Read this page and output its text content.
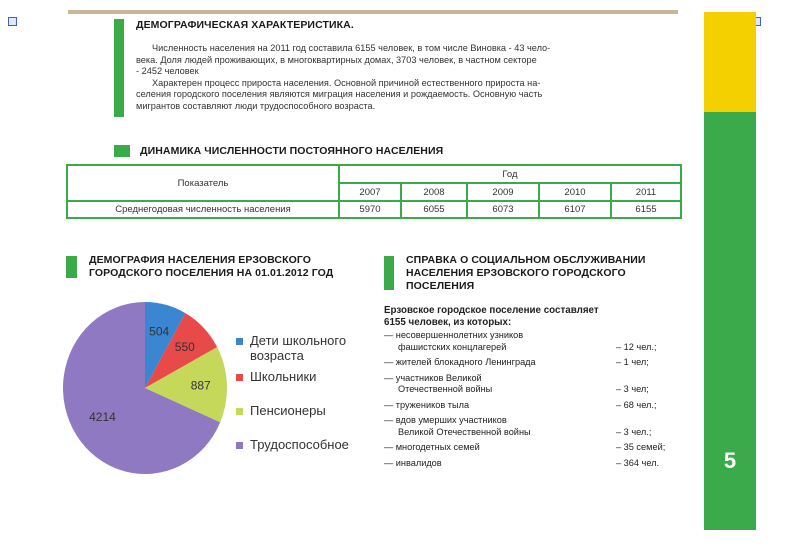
5
ДЕМОГРАФИЧЕСКАЯ ХАРАКТЕРИСТИКА.
Численность населения на 2011 год составила 6155 человек, в том числе Виновка - 43 чело-
века. Доля людей проживающих, в многоквартирных домах, 3703 человек, в частном секторе
- 2452 человек
Характерен процесс прироста населения. Основной причиной естественного прироста на-
селения городского поселения являются миграция населения и рождаемость. Основную часть
мигрантов составляют люди трудоспособного возраста.
ДИНАМИКА ЧИСЛЕННОСТИ ПОСТОЯННОГО НАСЕЛЕНИЯ
Показатель	Год				
	2007	2008	2009	2010	2011
Среднегодовая численность населения	5970	6055	6073	6107	6155
ДЕМОГРАФИЯ НАСЕЛЕНИЯ ЕРЗОВСКОГО
ГОРОДСКОГО ПОСЕЛЕНИЯ НА 01.01.2012 ГОД
504
550
887
4214
Дети школьного
возраста
Школьники
Пенсионеры
Трудоспособное
СПРАВКА О СОЦИАЛЬНОМ ОБСЛУЖИВАНИИ
НАСЕЛЕНИЯ ЕРЗОВСКОГО ГОРОДСКОГО
ПОСЕЛЕНИЯ
Ерзовское городское поселение составляет
6155 человек, из которых:
— несовершеннолетних узников
фашистских концлагерей	– 12 чел.;
— жителей блокадного Ленинграда	– 1 чел;
— участников Великой
Отечественной войны	– 3 чел;
— тружеников тыла	– 68 чел.;
— вдов умерших участников
Великой Отечественной войны	– 3 чел.;
— многодетных семей	– 35 семей;
— инвалидов	– 364 чел.
